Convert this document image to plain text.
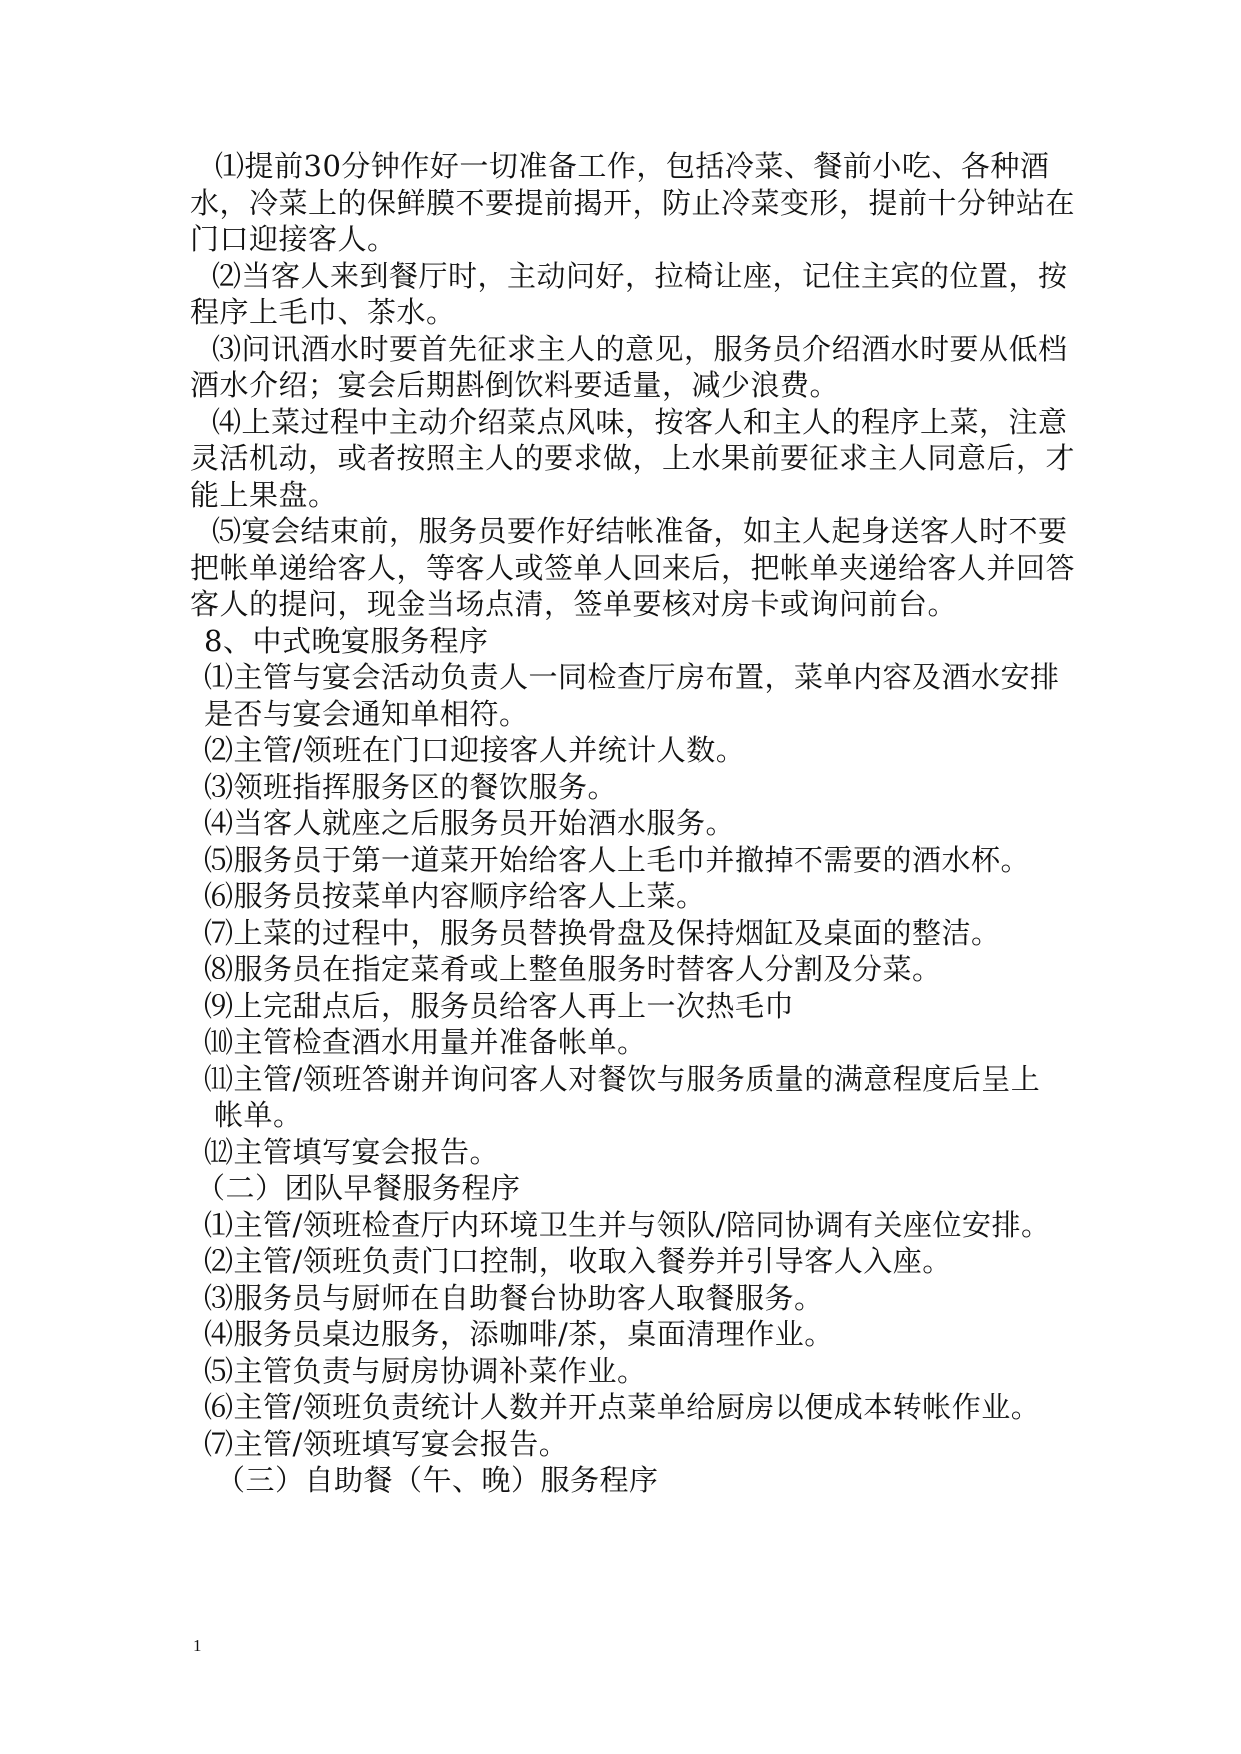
⑴提前30分钟作好一切准备工作，包括冷菜、餐前小吃、各种酒
水，冷菜上的保鲜膜不要提前揭开，防止冷菜变形，提前十分钟站在
门口迎接客人。
⑵当客人来到餐厅时，主动问好，拉椅让座，记住主宾的位置，按
程序上毛巾、茶水。
⑶问讯酒水时要首先征求主人的意见，服务员介绍酒水时要从低档
酒水介绍；宴会后期斟倒饮料要适量，减少浪费。
⑷上菜过程中主动介绍菜点风味，按客人和主人的程序上菜，注意
灵活机动，或者按照主人的要求做，上水果前要征求主人同意后，才
能上果盘。
⑸宴会结束前，服务员要作好结帐准备，如主人起身送客人时不要
把帐单递给客人，等客人或签单人回来后，把帐单夹递给客人并回答
客人的提问，现金当场点清，签单要核对房卡或询问前台。
8、中式晚宴服务程序
⑴主管与宴会活动负责人一同检查厅房布置，菜单内容及酒水安排
是否与宴会通知单相符。
⑵主管/领班在门口迎接客人并统计人数。
⑶领班指挥服务区的餐饮服务。
⑷当客人就座之后服务员开始酒水服务。
⑸服务员于第一道菜开始给客人上毛巾并撤掉不需要的酒水杯。
⑹服务员按菜单内容顺序给客人上菜。
⑺上菜的过程中，服务员替换骨盘及保持烟缸及桌面的整洁。
⑻服务员在指定菜肴或上整鱼服务时替客人分割及分菜。
⑼上完甜点后，服务员给客人再上一次热毛巾
⑽主管检查酒水用量并准备帐单。
⑾主管/领班答谢并询问客人对餐饮与服务质量的满意程度后呈上
帐单。
⑿主管填写宴会报告。
（二）团队早餐服务程序
⑴主管/领班检查厅内环境卫生并与领队/陪同协调有关座位安排。
⑵主管/领班负责门口控制，收取入餐券并引导客人入座。
⑶服务员与厨师在自助餐台协助客人取餐服务。
⑷服务员桌边服务，添咖啡/茶，桌面清理作业。
⑸主管负责与厨房协调补菜作业。
⑹主管/领班负责统计人数并开点菜单给厨房以便成本转帐作业。
⑺主管/领班填写宴会报告。
（三）自助餐（午、晚）服务程序
1
